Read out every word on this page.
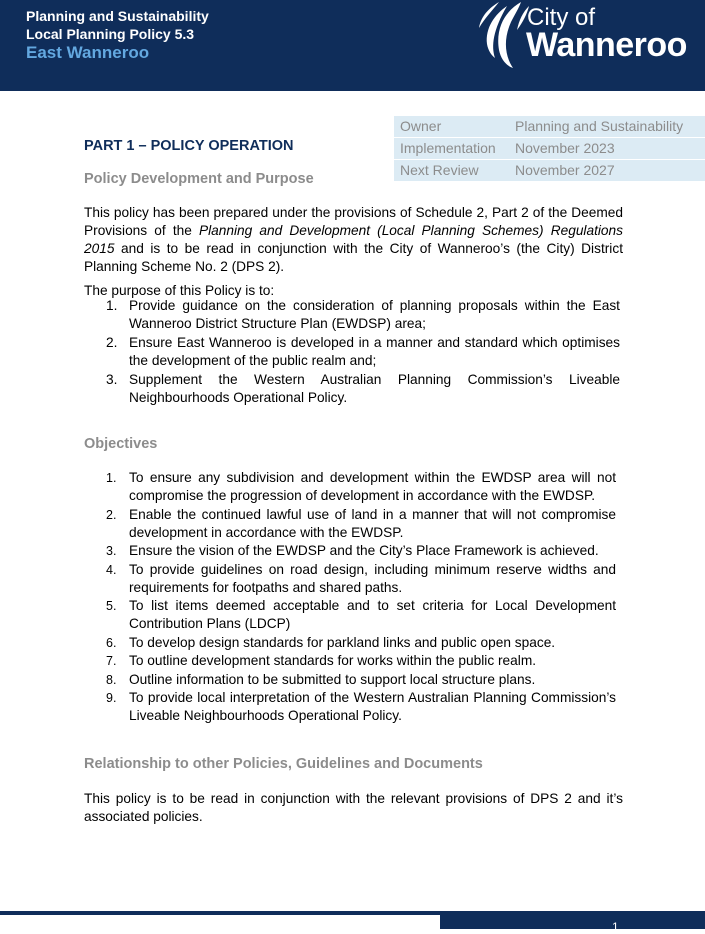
Planning and Sustainability
Local Planning Policy 5.3
East Wanneroo
City of
Wanneroo
Owner	Planning and Sustainability
Implementation	November 2023
Next Review	November 2027
PART 1 – POLICY OPERATION
Policy Development and Purpose

This policy has been prepared under the provisions of Schedule 2, Part 2 of the Deemed Provisions of the Planning and Development (Local Planning Schemes) Regulations 2015 and is to be read in conjunction with the City of Wanneroo’s (the City) District Planning Scheme No. 2 (DPS 2).

The purpose of this Policy is to:

1. Provide guidance on the consideration of planning proposals within the East Wanneroo District Structure Plan (EWDSP) area;
2. Ensure East Wanneroo is developed in a manner and standard which optimises the development of the public realm and;
3. Supplement the Western Australian Planning Commission’s Liveable Neighbourhoods Operational Policy.
Objectives
1. To ensure any subdivision and development within the EWDSP area will not compromise the progression of development in accordance with the EWDSP.
2. Enable the continued lawful use of land in a manner that will not compromise development in accordance with the EWDSP.
3. Ensure the vision of the EWDSP and the City’s Place Framework is achieved.
4. To provide guidelines on road design, including minimum reserve widths and requirements for footpaths and shared paths.
5. To list items deemed acceptable and to set criteria for Local Development Contribution Plans (LDCP)
6. To develop design standards for parkland links and public open space.
7. To outline development standards for works within the public realm.
8. Outline information to be submitted to support local structure plans.
9. To provide local interpretation of the Western Australian Planning Commission’s Liveable Neighbourhoods Operational Policy.
Relationship to other Policies, Guidelines and Documents

This policy is to be read in conjunction with the relevant provisions of DPS 2 and it’s associated policies.

1
